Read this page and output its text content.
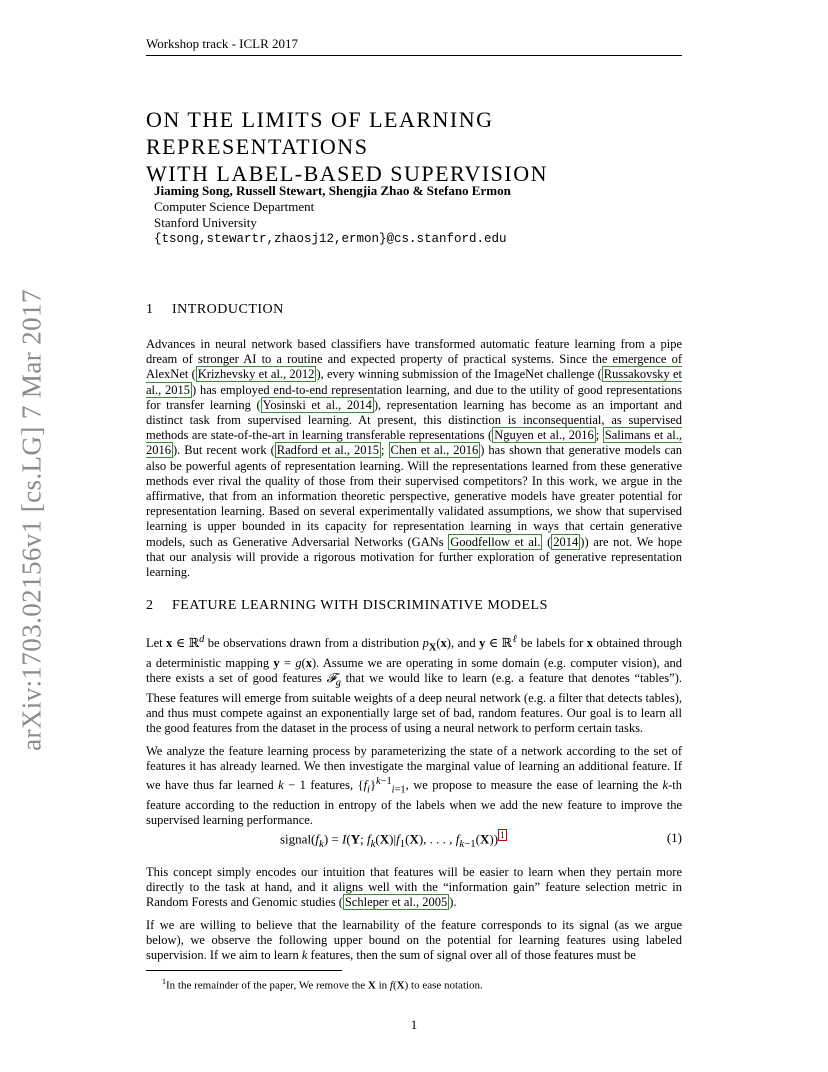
Workshop track - ICLR 2017
arXiv:1703.02156v1 [cs.LG] 7 Mar 2017
ON THE LIMITS OF LEARNING REPRESENTATIONS
WITH LABEL-BASED SUPERVISION
Jiaming Song, Russell Stewart, Shengjia Zhao & Stefano Ermon
Computer Science Department
Stanford University
{tsong,stewartr,zhaosj12,ermon}@cs.stanford.edu
1 INTRODUCTION

Advances in neural network based classifiers have transformed automatic feature learning from a pipe dream of stronger AI to a routine and expected property of practical systems. Since the emergence of AlexNet ( Krizhevsky et al., 2012 ), every winning submission of the ImageNet challenge ( Russakovsky et al., 2015 ) has employed end-to-end representation learning, and due to the utility of good representations for transfer learning ( Yosinski et al., 2014 ), representation learning has become as an important and distinct task from supervised learning. At present, this distinction is inconsequential, as supervised methods are state-of-the-art in learning transferable representations ( Nguyen et al., 2016 ; Salimans et al., 2016 ). But recent work ( Radford et al., 2015 ; Chen et al., 2016 ) has shown that generative models can also be powerful agents of representation learning. Will the representations learned from these generative methods ever rival the quality of those from their supervised competitors? In this work, we argue in the affirmative, that from an information theoretic perspective, generative models have greater potential for representation learning. Based on several experimentally validated assumptions, we show that supervised learning is upper bounded in its capacity for representation learning in ways that certain generative models, such as Generative Adversarial Networks (GANs Goodfellow et al. ( 2014 )) are not. We hope that our analysis will provide a rigorous motivation for further exploration of generative representation learning.

2 FEATURE LEARNING WITH DISCRIMINATIVE MODELS

Let x ∈ ℝ$^d$ be observations drawn from a distribution $p_X(x)$, and y ∈ ℝ$^\ell$ be labels for x obtained through a deterministic mapping y = g(x). Assume we are operating in some domain (e.g. computer vision), and there exists a set of good features 𝓕$_g$ that we would like to learn (e.g. a feature that denotes “tables”). These features will emerge from suitable weights of a deep neural network (e.g. a filter that detects tables), and thus must compete against an exponentially large set of bad, random features. Our goal is to learn all the good features from the dataset in the process of using a neural network to perform certain tasks.

We analyze the feature learning process by parameterizing the state of a network according to the set of features it has already learned. We then investigate the marginal value of learning an additional feature. If we have thus far learned k − 1 features, $\{f_i\}^{k-1}_{i=1}$, we propose to measure the ease of learning the k-th feature according to the reduction in entropy of the labels when we add the new feature to improve the supervised learning performance.

$signal(f_k) = I(Y$; $f_k(X)|f_1(X)$, . . . , $f_{k-1}(X)$) $^1$	(1)

This concept simply encodes our intuition that features will be easier to learn when they pertain more directly to the task at hand, and it aligns well with the “information gain” feature selection metric in Random Forests and Genomic studies ( Schleper et al., 2005 ).

If we are willing to believe that the learnability of the feature corresponds to its signal (as we argue below), we observe the following upper bound on the potential for learning features using labeled supervision. If we aim to learn k features, then the sum of signal over all of those features must be

$^1$In the remainder of the paper, We remove the X in f(X) to ease notation.
1
